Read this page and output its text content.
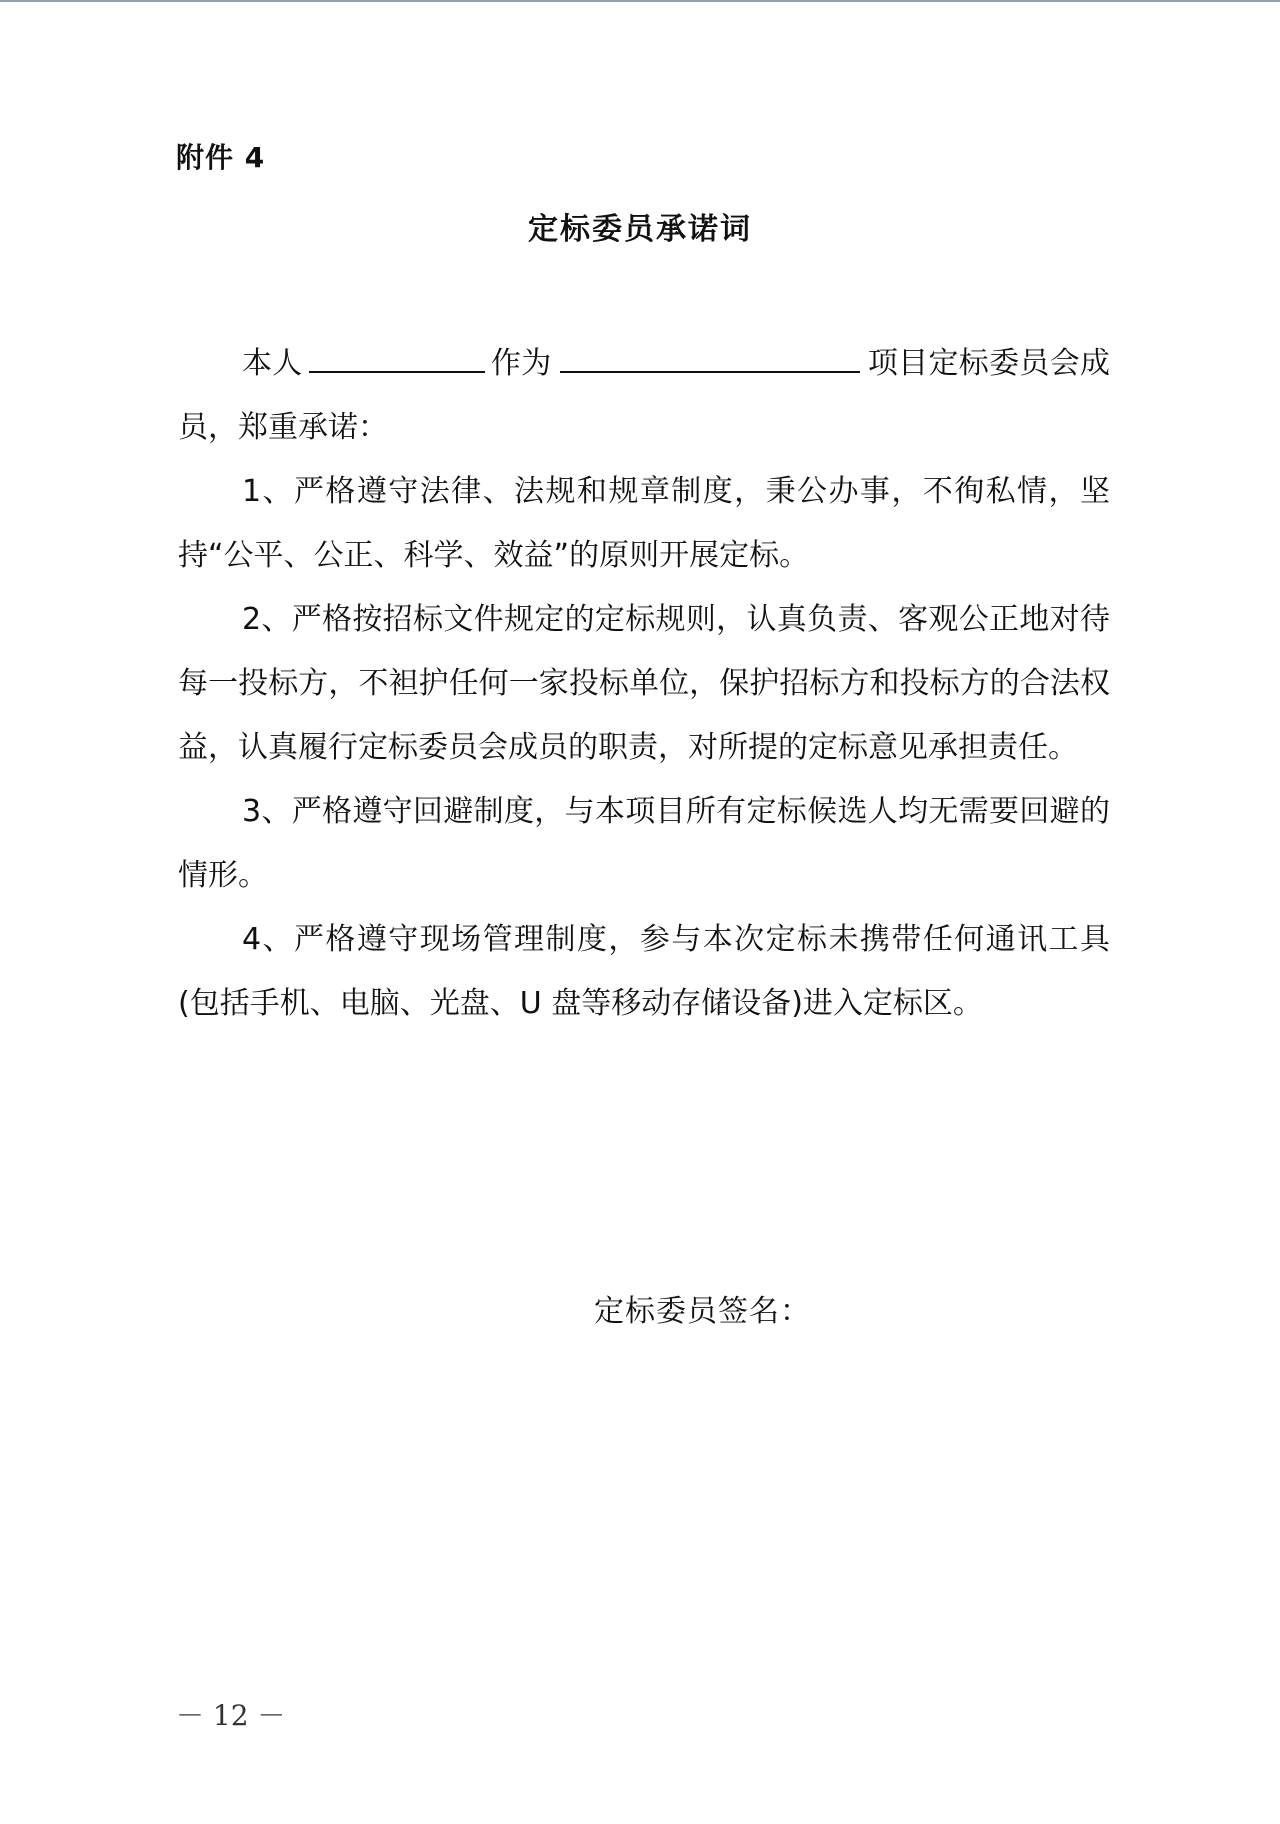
附件 4
定标委员承诺词

本人	作为	项目定标委员会成员，郑重承诺：

1、严格遵守法律、法规和规章制度，秉公办事，不徇私情，坚持“公平、公正、科学、效益”的原则开展定标。

2、严格按招标文件规定的定标规则，认真负责、客观公正地对待每一投标方，不袒护任何一家投标单位，保护招标方和投标方的合法权益，认真履行定标委员会成员的职责，对所提的定标意见承担责任。

3、严格遵守回避制度，与本项目所有定标候选人均无需要回避的情形。

4、严格遵守现场管理制度，参与本次定标未携带任何通讯工具(包括手机、电脑、光盘、U 盘等移动存储设备)进入定标区。

定标委员签名：
－ 12 －
